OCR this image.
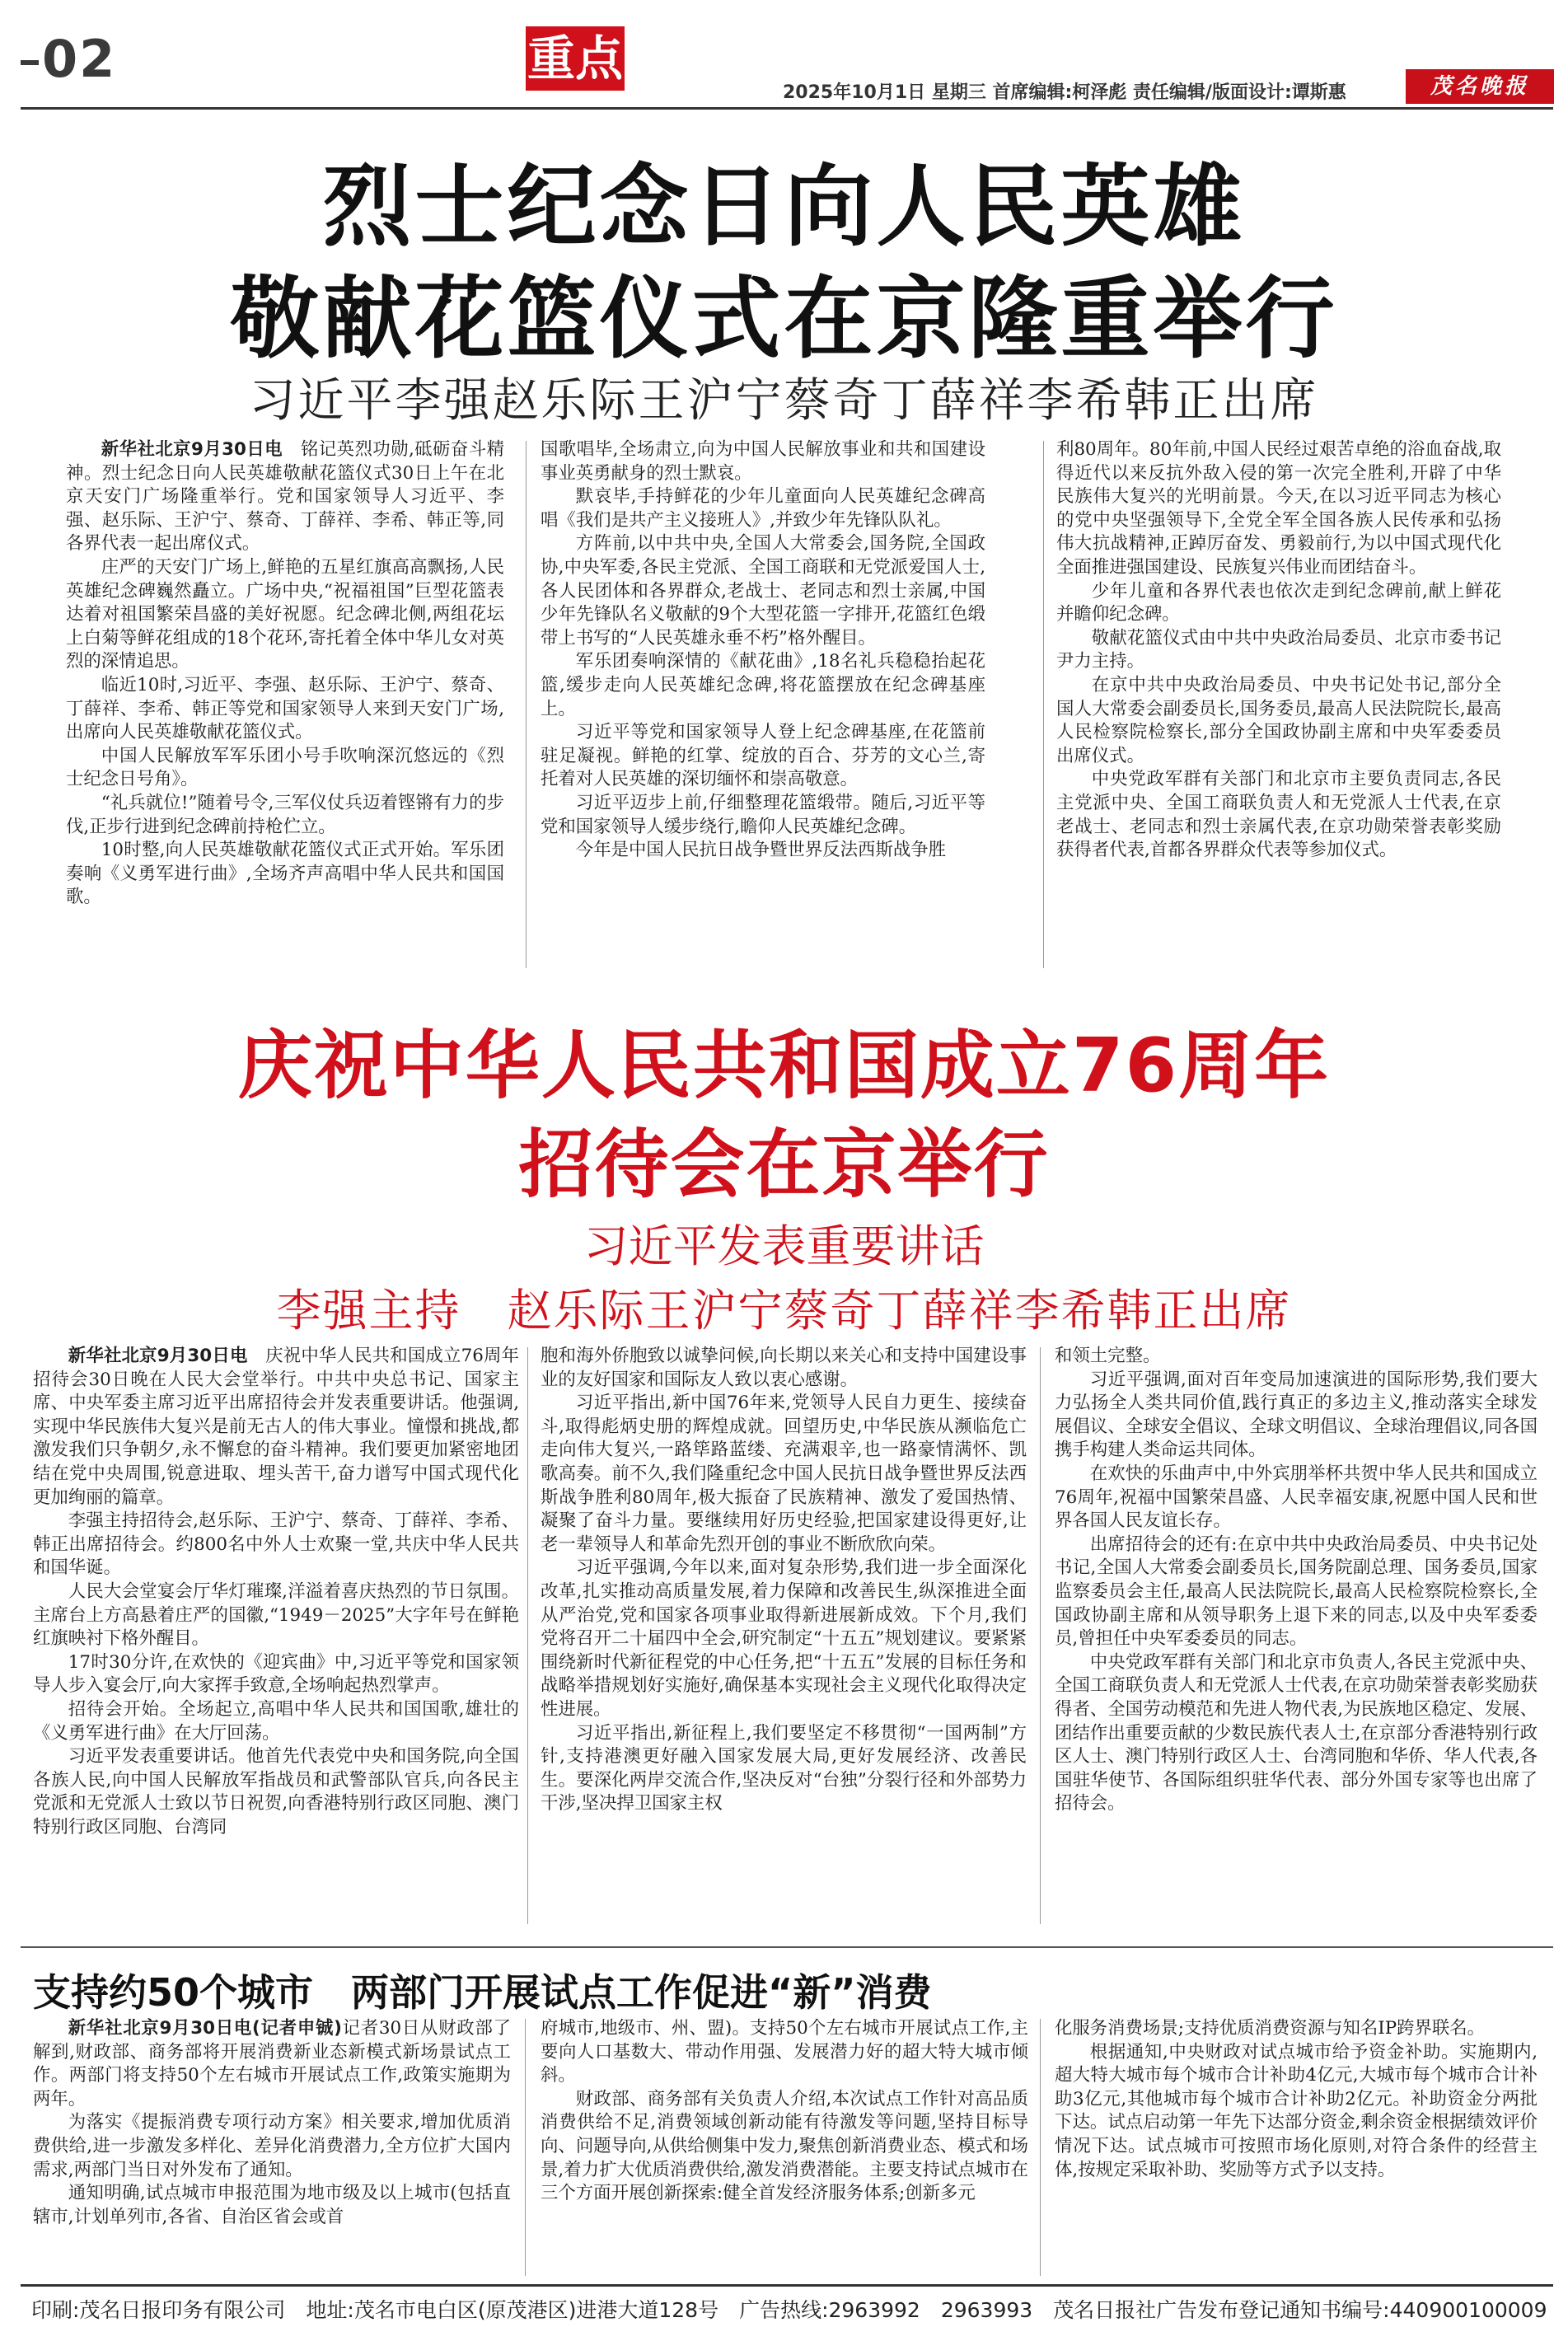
02	重点
2025年10月1日 星期三 首席编辑:柯泽彪 责任编辑/版面设计:谭斯惠	茂名晚报
烈士纪念日向人民英雄
敬献花篮仪式在京隆重举行
习近平李强赵乐际王沪宁蔡奇丁薛祥李希韩正出席

新华社北京9月30日电　 铭记英烈功勋,砥砺奋斗精神。烈士纪念日向人民英雄敬献花篮仪式30日上午在北京天安门广场隆重举行。党和国家领导人习近平、李强、赵乐际、王沪宁、蔡奇、丁薛祥、李希、韩正等,同各界代表一起出席仪式。

庄严的天安门广场上,鲜艳的五星红旗高高飘扬,人民英雄纪念碑巍然矗立。广场中央,“祝福祖国”巨型花篮表达着对祖国繁荣昌盛的美好祝愿。纪念碑北侧,两组花坛上白菊等鲜花组成的18个花环,寄托着全体中华儿女对英烈的深情追思。

临近10时,习近平、李强、赵乐际、王沪宁、蔡奇、丁薛祥、李希、韩正等党和国家领导人来到天安门广场,出席向人民英雄敬献花篮仪式。

中国人民解放军军乐团小号手吹响深沉悠远的《烈士纪念日号角》。

“礼兵就位!”随着号令,三军仪仗兵迈着铿锵有力的步伐,正步行进到纪念碑前持枪伫立。

10时整,向人民英雄敬献花篮仪式正式开始。军乐团奏响《义勇军进行曲》,全场齐声高唱中华人民共和国国歌。

国歌唱毕,全场肃立,向为中国人民解放事业和共和国建设事业英勇献身的烈士默哀。

默哀毕,手持鲜花的少年儿童面向人民英雄纪念碑高唱《我们是共产主义接班人》,并致少年先锋队队礼。

方阵前,以中共中央,全国人大常委会,国务院,全国政协,中央军委,各民主党派、全国工商联和无党派爱国人士,各人民团体和各界群众,老战士、老同志和烈士亲属,中国少年先锋队名义敬献的9个大型花篮一字排开,花篮红色缎带上书写的“人民英雄永垂不朽”格外醒目。

军乐团奏响深情的《献花曲》,18名礼兵稳稳抬起花篮,缓步走向人民英雄纪念碑,将花篮摆放在纪念碑基座上。

习近平等党和国家领导人登上纪念碑基座,在花篮前驻足凝视。鲜艳的红掌、绽放的百合、芬芳的文心兰,寄托着对人民英雄的深切缅怀和崇高敬意。

习近平迈步上前,仔细整理花篮缎带。随后,习近平等党和国家领导人缓步绕行,瞻仰人民英雄纪念碑。

今年是中国人民抗日战争暨世界反法西斯战争胜

利80周年。80年前,中国人民经过艰苦卓绝的浴血奋战,取得近代以来反抗外敌入侵的第一次完全胜利,开辟了中华民族伟大复兴的光明前景。今天,在以习近平同志为核心的党中央坚强领导下,全党全军全国各族人民传承和弘扬伟大抗战精神,正踔厉奋发、勇毅前行,为以中国式现代化全面推进强国建设、民族复兴伟业而团结奋斗。

少年儿童和各界代表也依次走到纪念碑前,献上鲜花并瞻仰纪念碑。

敬献花篮仪式由中共中央政治局委员、北京市委书记尹力主持。

在京中共中央政治局委员、中央书记处书记,部分全国人大常委会副委员长,国务委员,最高人民法院院长,最高人民检察院检察长,部分全国政协副主席和中央军委委员出席仪式。

中央党政军群有关部门和北京市主要负责同志,各民主党派中央、全国工商联负责人和无党派人士代表,在京老战士、老同志和烈士亲属代表,在京功勋荣誉表彰奖励获得者代表,首都各界群众代表等参加仪式。

庆祝中华人民共和国成立76周年
招待会在京举行
习近平发表重要讲话
李强主持　赵乐际王沪宁蔡奇丁薛祥李希韩正出席

新华社北京9月30日电　 庆祝中华人民共和国成立76周年招待会30日晚在人民大会堂举行。中共中央总书记、国家主席、中央军委主席习近平出席招待会并发表重要讲话。他强调,实现中华民族伟大复兴是前无古人的伟大事业。憧憬和挑战,都激发我们只争朝夕,永不懈怠的奋斗精神。我们要更加紧密地团结在党中央周围,锐意进取、埋头苦干,奋力谱写中国式现代化更加绚丽的篇章。

李强主持招待会,赵乐际、王沪宁、蔡奇、丁薛祥、李希、韩正出席招待会。约800名中外人士欢聚一堂,共庆中华人民共和国华诞。

人民大会堂宴会厅华灯璀璨,洋溢着喜庆热烈的节日氛围。主席台上方高悬着庄严的国徽,“1949－2025”大字年号在鲜艳红旗映衬下格外醒目。

17时30分许,在欢快的《迎宾曲》中,习近平等党和国家领导人步入宴会厅,向大家挥手致意,全场响起热烈掌声。

招待会开始。全场起立,高唱中华人民共和国国歌,雄壮的《义勇军进行曲》在大厅回荡。

习近平发表重要讲话。他首先代表党中央和国务院,向全国各族人民,向中国人民解放军指战员和武警部队官兵,向各民主党派和无党派人士致以节日祝贺,向香港特别行政区同胞、澳门特别行政区同胞、台湾同

胞和海外侨胞致以诚挚问候,向长期以来关心和支持中国建设事业的友好国家和国际友人致以衷心感谢。

习近平指出,新中国76年来,党领导人民自力更生、接续奋斗,取得彪炳史册的辉煌成就。回望历史,中华民族从濒临危亡走向伟大复兴,一路筚路蓝缕、充满艰辛,也一路豪情满怀、凯歌高奏。前不久,我们隆重纪念中国人民抗日战争暨世界反法西斯战争胜利80周年,极大振奋了民族精神、激发了爱国热情、凝聚了奋斗力量。要继续用好历史经验,把国家建设得更好,让老一辈领导人和革命先烈开创的事业不断欣欣向荣。

习近平强调,今年以来,面对复杂形势,我们进一步全面深化改革,扎实推动高质量发展,着力保障和改善民生,纵深推进全面从严治党,党和国家各项事业取得新进展新成效。下个月,我们党将召开二十届四中全会,研究制定“十五五”规划建议。要紧紧围绕新时代新征程党的中心任务,把“十五五”发展的目标任务和战略举措规划好实施好,确保基本实现社会主义现代化取得决定性进展。

习近平指出,新征程上,我们要坚定不移贯彻“一国两制”方针,支持港澳更好融入国家发展大局,更好发展经济、改善民生。要深化两岸交流合作,坚决反对“台独”分裂行径和外部势力干涉,坚决捍卫国家主权

和领土完整。

习近平强调,面对百年变局加速演进的国际形势,我们要大力弘扬全人类共同价值,践行真正的多边主义,推动落实全球发展倡议、全球安全倡议、全球文明倡议、全球治理倡议,同各国携手构建人类命运共同体。

在欢快的乐曲声中,中外宾朋举杯共贺中华人民共和国成立76周年,祝福中国繁荣昌盛、人民幸福安康,祝愿中国人民和世界各国人民友谊长存。

出席招待会的还有:在京中共中央政治局委员、中央书记处书记,全国人大常委会副委员长,国务院副总理、国务委员,国家监察委员会主任,最高人民法院院长,最高人民检察院检察长,全国政协副主席和从领导职务上退下来的同志,以及中央军委委员,曾担任中央军委委员的同志。

中央党政军群有关部门和北京市负责人,各民主党派中央、全国工商联负责人和无党派人士代表,在京功勋荣誉表彰奖励获得者、全国劳动模范和先进人物代表,为民族地区稳定、发展、团结作出重要贡献的少数民族代表人士,在京部分香港特别行政区人士、澳门特别行政区人士、台湾同胞和华侨、华人代表,各国驻华使节、各国际组织驻华代表、部分外国专家等也出席了招待会。

支持约50个城市　两部门开展试点工作促进“新”消费

新华社北京9月30日电(记者申铖)记者30日从财政部了解到,财政部、商务部将开展消费新业态新模式新场景试点工作。两部门将支持50个左右城市开展试点工作,政策实施期为两年。

为落实《提振消费专项行动方案》相关要求,增加优质消费供给,进一步激发多样化、差异化消费潜力,全方位扩大国内需求,两部门当日对外发布了通知。

通知明确,试点城市申报范围为地市级及以上城市(包括直辖市,计划单列市,各省、自治区省会或首

府城市,地级市、州、盟)。支持50个左右城市开展试点工作,主要向人口基数大、带动作用强、发展潜力好的超大特大城市倾斜。

财政部、商务部有关负责人介绍,本次试点工作针对高品质消费供给不足,消费领域创新动能有待激发等问题,坚持目标导向、问题导向,从供给侧集中发力,聚焦创新消费业态、模式和场景,着力扩大优质消费供给,激发消费潜能。主要支持试点城市在三个方面开展创新探索:健全首发经济服务体系;创新多元

化服务消费场景;支持优质消费资源与知名IP跨界联名。

根据通知,中央财政对试点城市给予资金补助。实施期内,超大特大城市每个城市合计补助4亿元,大城市每个城市合计补助3亿元,其他城市每个城市合计补助2亿元。补助资金分两批下达。试点启动第一年先下达部分资金,剩余资金根据绩效评价情况下达。试点城市可按照市场化原则,对符合条件的经营主体,按规定采取补助、奖励等方式予以支持。

印刷:茂名日报印务有限公司　地址:茂名市电白区(原茂港区)进港大道128号　广告热线:2963992　2963993　茂名日报社广告发布登记通知书编号:440900100009
